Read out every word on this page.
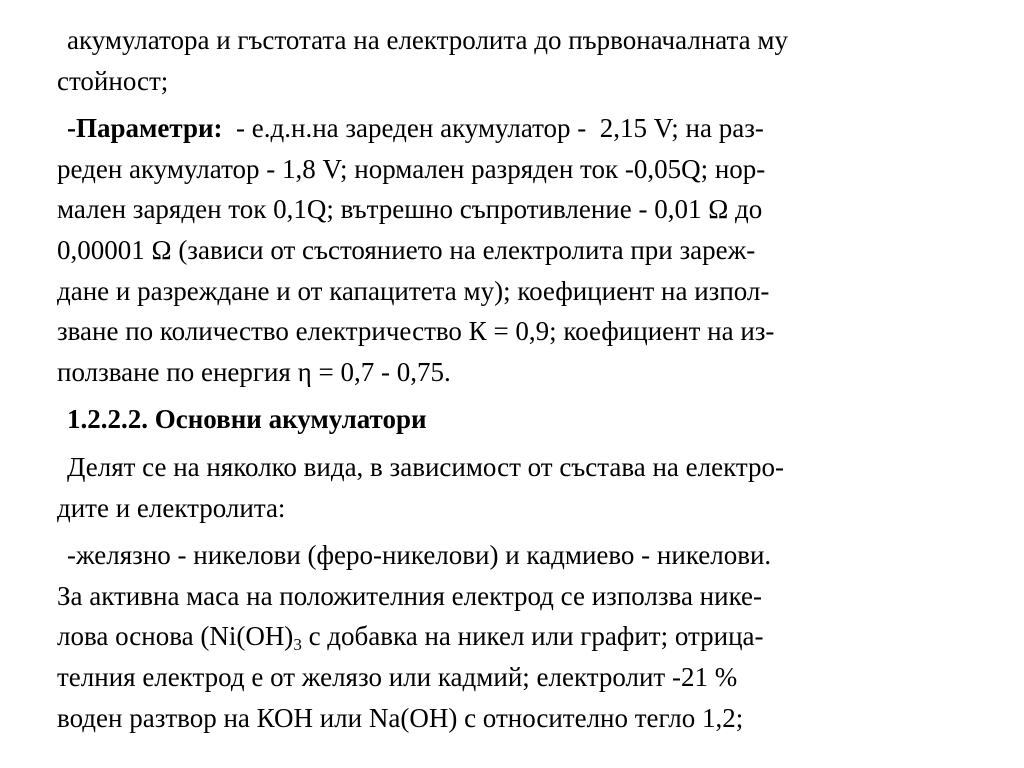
акумулатора и гъстотата на електролита до първоначалната му
стойност;

-Параметри:  - е.д.н.на зареден акумулатор -  2,15 V; на раз-
реден акумулатор - 1,8 V; нормален разряден ток -0,05Q; нор-
мален заряден ток 0,1Q; вътрешно съпротивление - 0,01 Ω до
0,00001 Ω (зависи от състоянието на електролита при зареж-
дане и разреждане и от капацитета му); коефициент на изпол-
зване по количество електричество К = 0,9; коефициент на из-
ползване по енергия η = 0,7 - 0,75.

1.2.2.2. Основни акумулатори

Делят се на няколко вида, в зависимост от състава на електро-
дите и електролита:

-желязно - никелови (феро-никелови) и кадмиево - никелови.
За активна маса на положителния електрод се използва нике-
лова основа ($Ni(OH)_3$ с добавка на никел или графит; отрица-
телния електрод е от желязо или кадмий; електролит -21 %
воден разтвор на КОН или Na(OH) с относително тегло 1,2;
